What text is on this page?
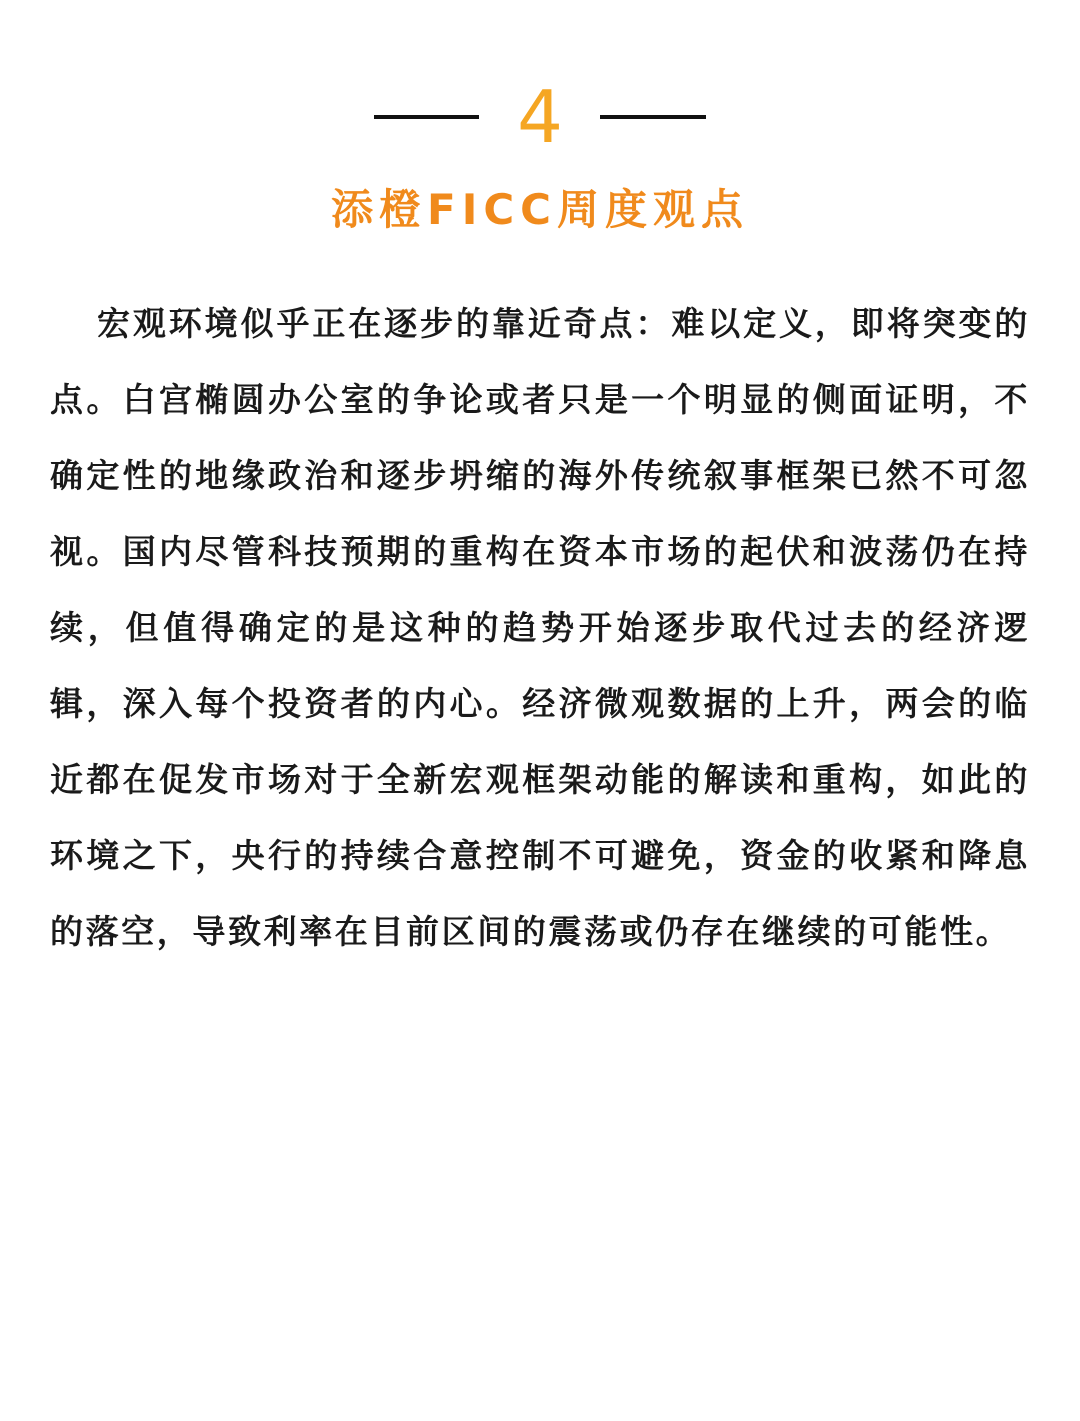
4
添橙FICC周度观点

宏观环境似乎正在逐步的靠近奇点：难以定义，即将突变的点。白宫椭圆办公室的争论或者只是一个明显的侧面证明，不确定性的地缘政治和逐步坍缩的海外传统叙事框架已然不可忽视。国内尽管科技预期的重构在资本市场的起伏和波荡仍在持续，但值得确定的是这种的趋势开始逐步取代过去的经济逻辑，深入每个投资者的内心。经济微观数据的上升，两会的临近都在促发市场对于全新宏观框架动能的解读和重构，如此的环境之下，央行的持续合意控制不可避免，资金的收紧和降息的落空，导致利率在目前区间的震荡或仍存在继续的可能性。
